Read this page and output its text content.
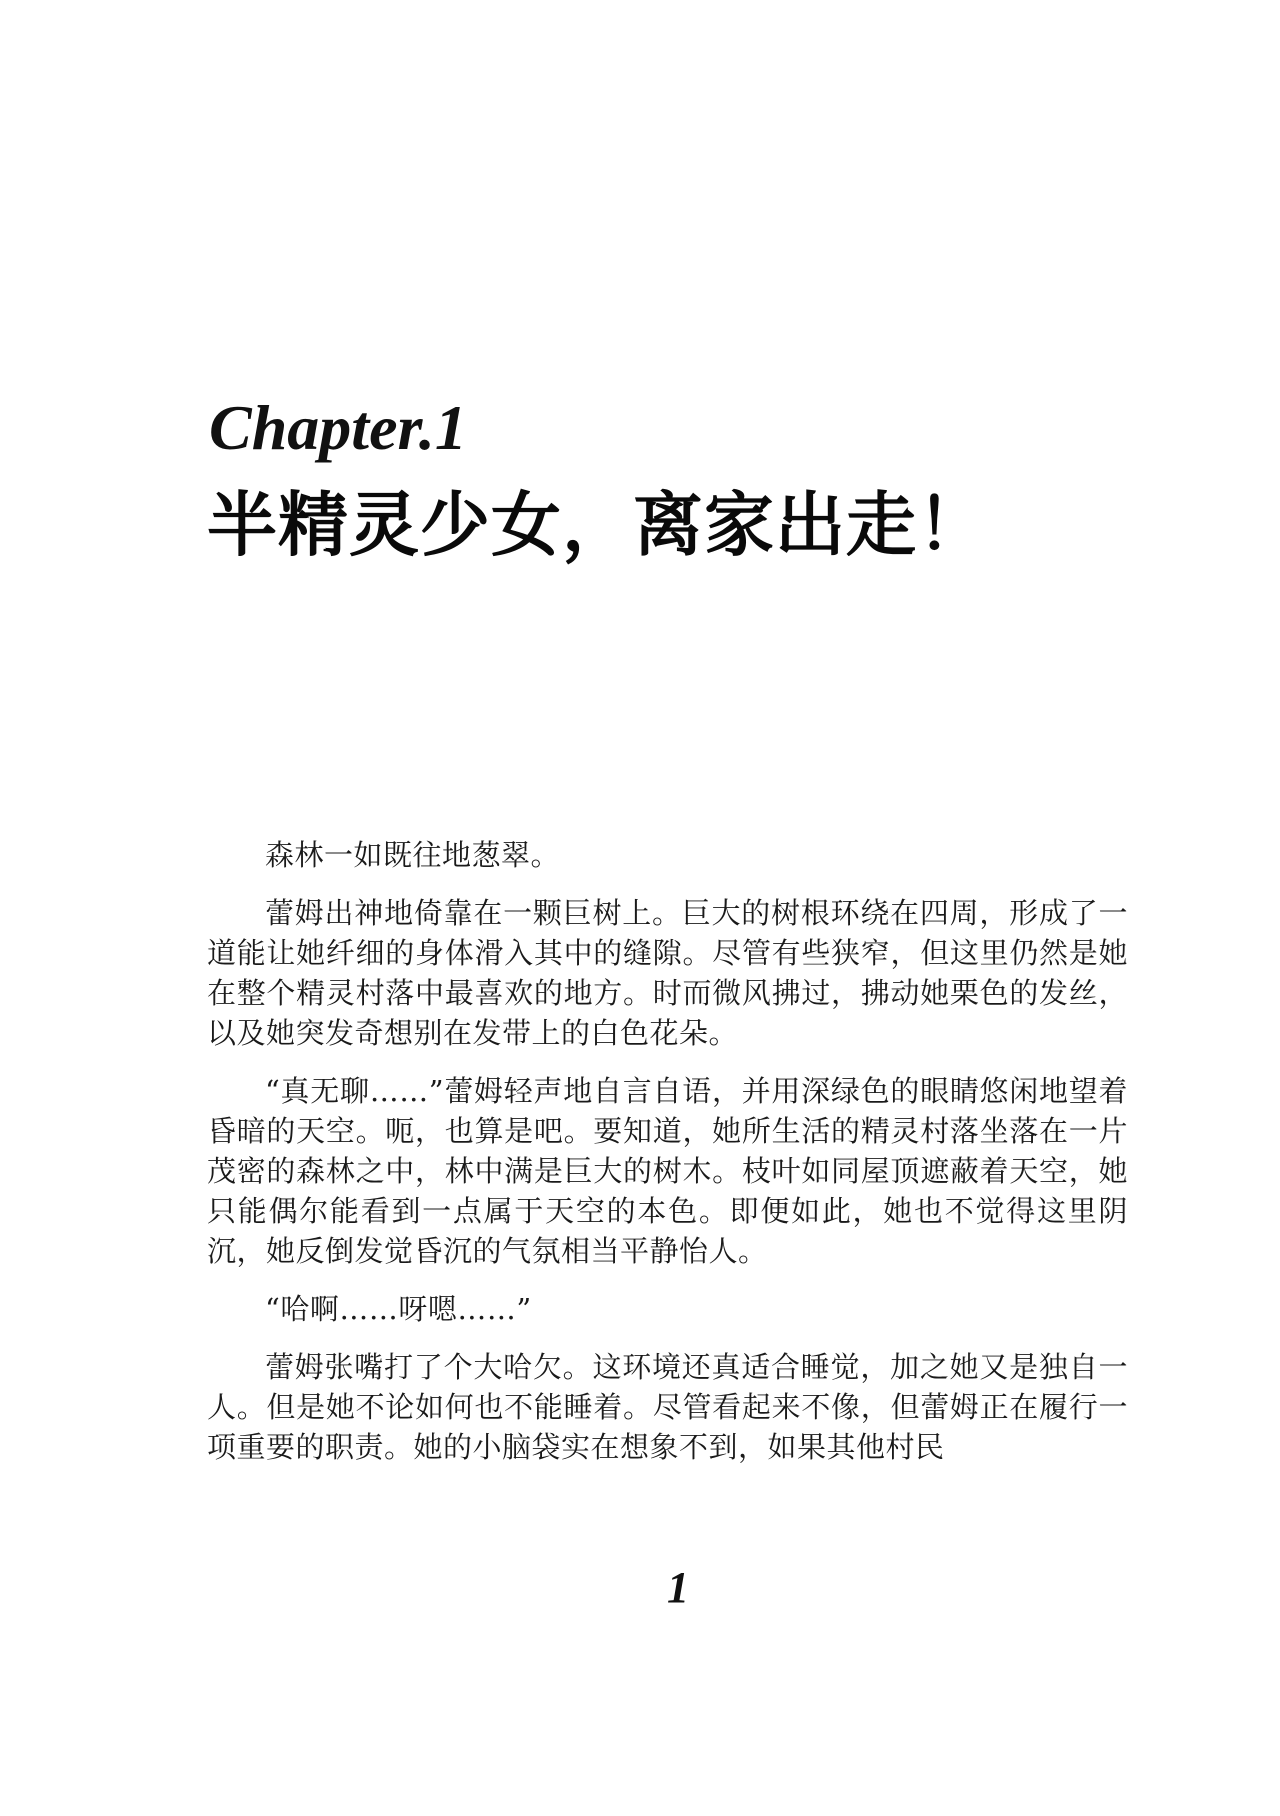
Chapter.1
半精灵少女，离家出走！

森林一如既往地葱翠。

蕾姆出神地倚靠在一颗巨树上。巨大的树根环绕在四周，形成了一道能让她纤细的身体滑入其中的缝隙。尽管有些狭窄，但这里仍然是她在整个精灵村落中最喜欢的地方。时而微风拂过，拂动她栗色的发丝，以及她突发奇想别在发带上的白色花朵。

“真无聊……”蕾姆轻声地自言自语，并用深绿色的眼睛悠闲地望着昏暗的天空。呃，也算是吧。要知道，她所生活的精灵村落坐落在一片茂密的森林之中，林中满是巨大的树木。枝叶如同屋顶遮蔽着天空，她只能偶尔能看到一点属于天空的本色。即便如此，她也不觉得这里阴沉，她反倒发觉昏沉的气氛相当平静怡人。

“哈啊……呀嗯……”

蕾姆张嘴打了个大哈欠。这环境还真适合睡觉，加之她又是独自一人。但是她不论如何也不能睡着。尽管看起来不像，但蕾姆正在履行一项重要的职责。她的小脑袋实在想象不到，如果其他村民

1
